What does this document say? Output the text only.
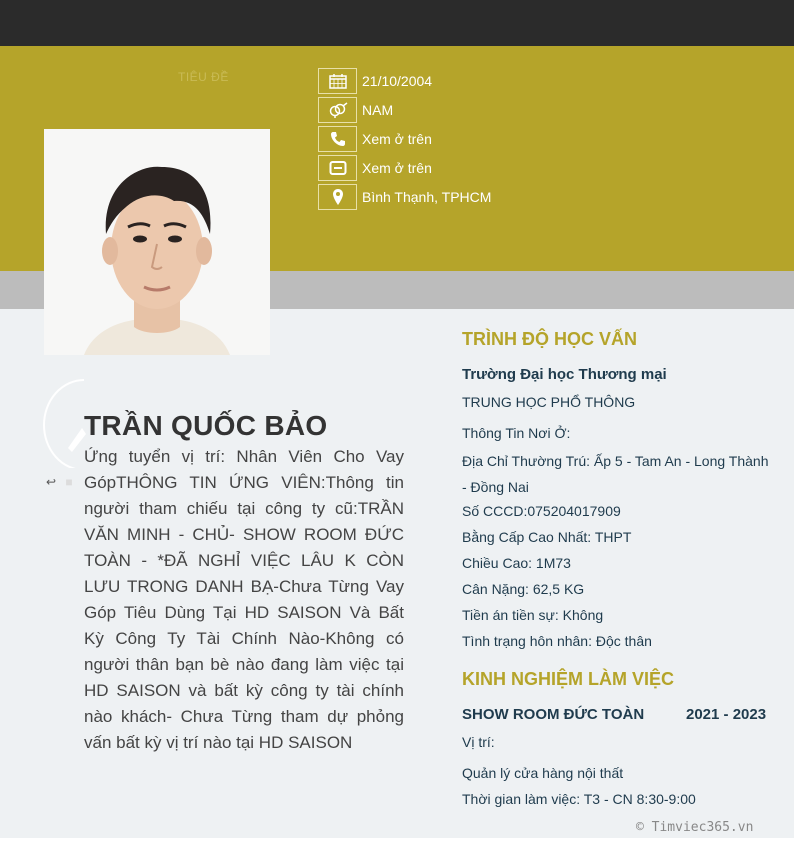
TIÊU ĐỀ	21/10/2004
NAM
Xem ở trên
Xem ở trên
Bình Thạnh, TPHCM
↩ ■
TRẦN QUỐC BẢO
Ứng tuyển vị trí: Nhân Viên Cho Vay GópTHÔNG TIN ỨNG VIÊN:Thông tin người tham chiếu tại công ty cũ:TRẦN VĂN MINH - CHỦ- SHOW ROOM ĐỨC TOÀN - *ĐÃ NGHỈ VIỆC LÂU K CÒN LƯU TRONG DANH BẠ-Chưa Từng Vay Góp Tiêu Dùng Tại HD SAISON Và Bất Kỳ Công Ty Tài Chính Nào-Không có người thân bạn bè nào đang làm việc tại HD SAISON và bất kỳ công ty tài chính nào khách- Chưa Từng tham dự phỏng vấn bất kỳ vị trí nào tại HD SAISON
TRÌNH ĐỘ HỌC VẤN
Trường Đại học Thương mại
TRUNG HỌC PHỔ THÔNG
Thông Tin Nơi Ở:
Địa Chỉ Thường Trú: Ấp 5 - Tam An - Long Thành - Đồng Nai
Số CCCD:075204017909
Bằng Cấp Cao Nhất: THPT
Chiều Cao: 1M73
Cân Nặng: 62,5 KG
Tiền án tiền sự: Không
Tình trạng hôn nhân: Độc thân
KINH NGHIỆM LÀM VIỆC
SHOW ROOM ĐỨC TOÀN	2021 - 2023
Vị trí:
Quản lý cửa hàng nội thất
Thời gian làm việc: T3 - CN 8:30-9:00
© Timviec365.vn
